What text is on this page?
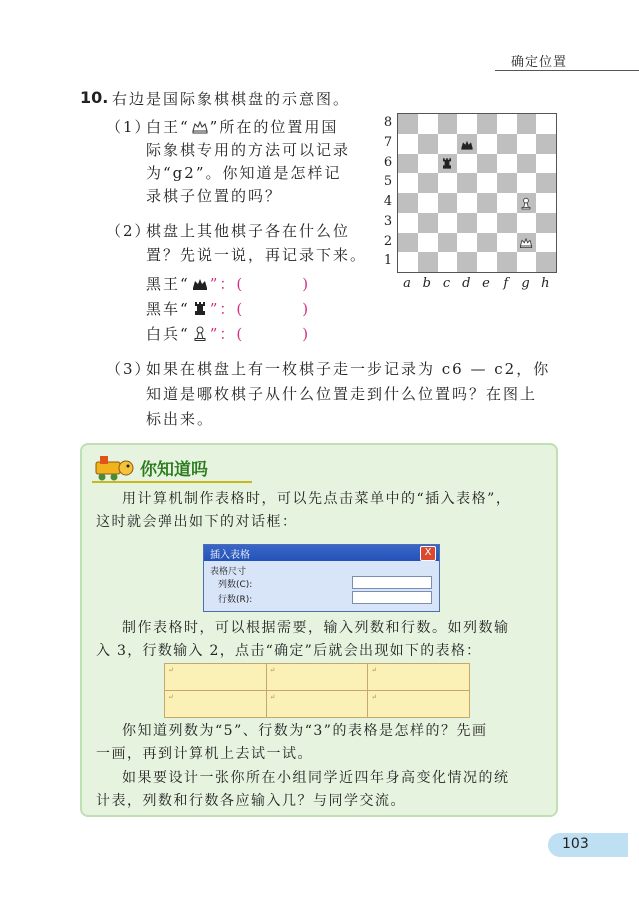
确定位置
10. 右边是国际象棋棋盘的示意图。
（1）
白王“ ”所在的位置用国
际象棋专用的方法可以记录
为“g2”。你知道是怎样记
录棋子位置的吗？
（2）
棋盘上其他棋子各在什么位
置？先说一说，再记录下来。
黑王“ ”：(	)
黑车“ ”：(	)
白兵“ ”：(	)
（3）
如果在棋盘上有一枚棋子走一步记录为 c6 — c2，你
知道是哪枚棋子从什么位置走到什么位置吗？在图上
标出来。
8
7
6
5
4
3
2
1
a b c d e	f	g h
你知道吗
用计算机制作表格时，可以先点击菜单中的“插入表格”，
这时就会弹出如下的对话框：
插入表格	X
表格尺寸
列数(C):
行数(R):
制作表格时，可以根据需要，输入列数和行数。如列数输
入 3，行数输入 2，点击“确定”后就会出现如下的表格：
↵	↵	↵

↵	↵	↵
你知道列数为“5”、行数为“3”的表格是怎样的？先画
一画，再到计算机上去试一试。
如果要设计一张你所在小组同学近四年身高变化情况的统
计表，列数和行数各应输入几？与同学交流。
103
